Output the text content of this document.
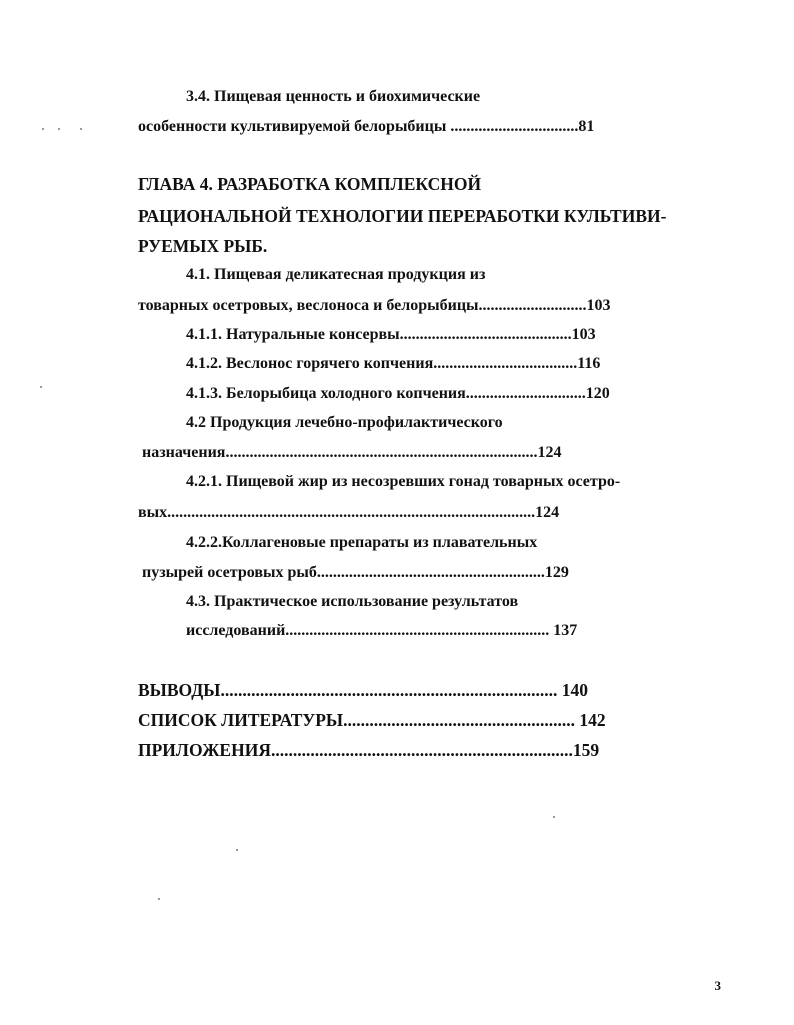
3.4. Пищевая ценность и биохимические
особенности культивируемой белорыбицы ................................81
ГЛАВА 4. РАЗРАБОТКА КОМПЛЕКСНОЙ
РАЦИОНАЛЬНОЙ ТЕХНОЛОГИИ ПЕРЕРАБОТКИ КУЛЬТИВИ-
РУЕМЫХ РЫБ.
4.1. Пищевая деликатесная продукция из
товарных осетровых, веслоноса и белорыбицы...........................103
4.1.1. Натуральные консервы...........................................103
4.1.2. Веслонос горячего копчения....................................116
4.1.3. Белорыбица холодного копчения..............................120
4.2 Продукция лечебно-профилактического
назначения..............................................................................124
4.2.1. Пищевой жир из несозревших гонад товарных осетро-
вых............................................................................................124
4.2.2.Коллагеновые препараты из плавательных
пузырей осетровых рыб.........................................................129
4.3. Практическое использование результатов
исследований.................................................................. 137
ВЫВОДЫ............................................................................. 140
СПИСОК ЛИТЕРАТУРЫ..................................................... 142
ПРИЛОЖЕНИЯ.....................................................................159
3
